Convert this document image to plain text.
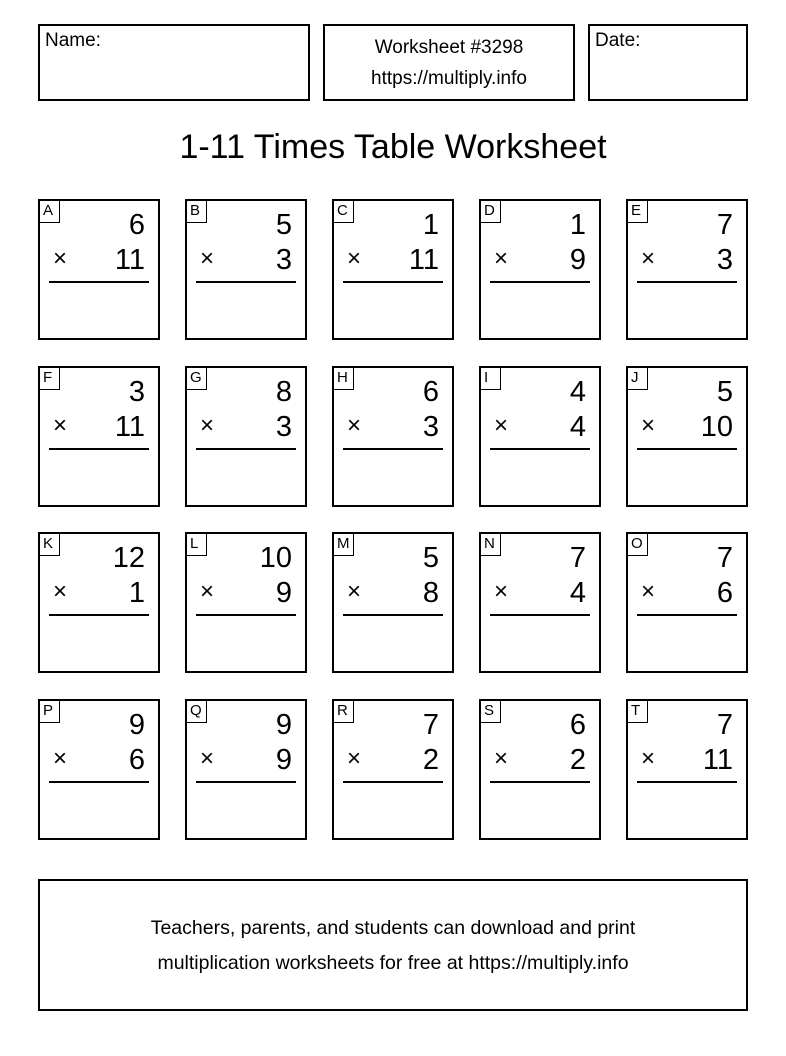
Name:	Worksheet #3298
https://multiply.info
Date:
1-11 Times Table Worksheet
A	6
× 11
B	5
× 3
C	1
× 11
D	1
× 9
E	7
× 3
F	3
× 11
G	8
× 3
H	6
× 3
I	4
× 4
J	5
× 10
K 12
× 1
L 10
× 9
M	5
× 8
N	7
× 4
O	7
× 6
P	9
× 6
Q	9
× 9
R	7
× 2
S	6
× 2
T	7
× 11
Teachers, parents, and students can download and print
multiplication worksheets for free at https://multiply.info
